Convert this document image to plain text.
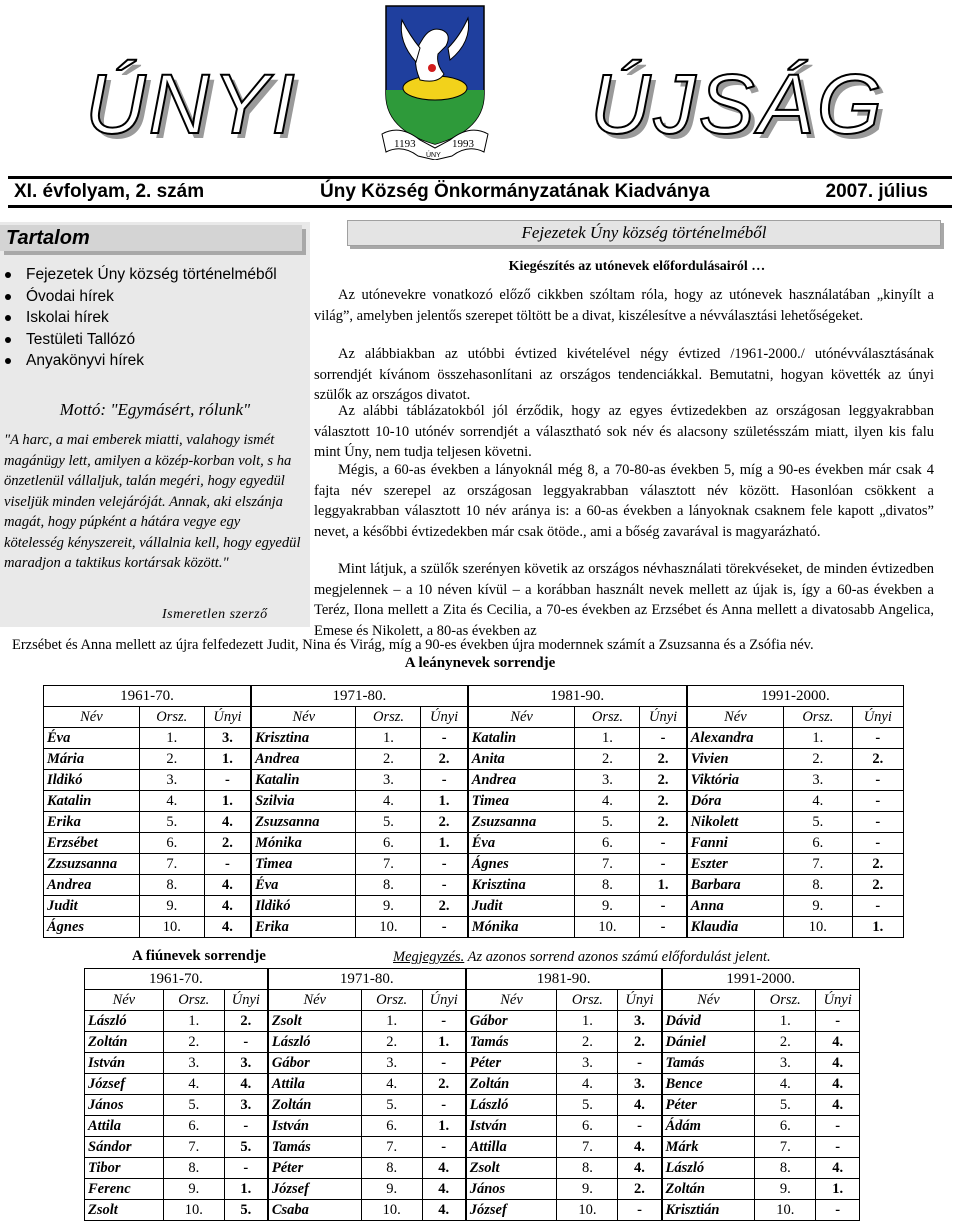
ÚNYI	ÚJSÁG
1193	1993
ÚNY
XI. évfolyam, 2. szám	Úny Község Önkormányzatának Kiadványa	2007. július
Tartalom
Fejezetek Úny község történelméből
Óvodai hírek
Iskolai hírek
Testületi Tallózó
Anyakönyvi hírek
Mottó: "Egymásért, rólunk"
"A harc, a mai emberek miatti, valahogy ismét magánügy lett, amilyen a közép-korban volt, s ha önzetlenül vállaljuk, talán megéri, hogy egyedül viseljük minden velejáróját. Annak, aki elszánja magát, hogy púpként a hátára vegye egy kötelesség kényszereit, vállalnia kell, hogy egyedül maradjon a taktikus kortársak között."
Ismeretlen szerző
Fejezetek Úny község történelméből
Kiegészítés az utónevek előfordulásairól …

Az utónevekre vonatkozó előző cikkben szóltam róla, hogy az utónevek használatában „kinyílt a világ”, amelyben jelentős szerepet töltött be a divat, kiszélesítve a névválasztási lehetőségeket.

Az alábbiakban az utóbbi évtized kivételével négy évtized /1961-2000./ utónévválasztásának sorrendjét kívánom összehasonlítani az országos tendenciákkal. Bemutatni, hogyan követték az únyi szülők az országos divatot.

Az alábbi táblázatokból jól érződik, hogy az egyes évtizedekben az országosan leggyakrabban választott 10-10 utónév sorrendjét a választható sok név és alacsony születésszám miatt, ilyen kis falu mint Úny, nem tudja teljesen követni.

Mégis, a 60-as években a lányoknál még 8, a 70-80-as években 5, míg a 90-es években már csak 4 fajta név szerepel az országosan leggyakrabban választott név között. Hasonlóan csökkent a leggyakrabban választott 10 név aránya is: a 60-as években a lányoknak csaknem fele kapott „divatos” nevet, a későbbi évtizedekben már csak ötöde., ami a bőség zavarával is magyarázható.

Mint látjuk, a szülők szerényen követik az országos névhasználati törekvéseket, de minden évtizedben megjelennek – a 10 néven kívül – a korábban használt nevek mellett az újak is, így a 60-as években a Teréz, Ilona mellett a Zita és Cecilia, a 70-es években az Erzsébet és Anna mellett a divatosabb Angelica, Emese és Nikolett, a 80-as években az

Erzsébet és Anna mellett az újra felfedezett Judit, Nina és Virág, míg a 90-es években újra modernnek számít a Zsuzsanna és a Zsófia név.

A leánynevek sorrendje
1961-70.			1971-80.			1981-90.			1991-2000.		
Név	Orsz.	Únyi	Név	Orsz.	Únyi	Név	Orsz.	Únyi	Név	Orsz.	Únyi
Éva	1.	3.	Krisztina	1.	-	Katalin	1.	-	Alexandra	1.	-
Mária	2.	1.	Andrea	2.	2.	Anita	2.	2.	Vivien	2.	2.
Ildikó	3.	-	Katalin	3.	-	Andrea	3.	2.	Viktória	3.	-
Katalin	4.	1.	Szilvia	4.	1.	Timea	4.	2.	Dóra	4.	-
Erika	5.	4.	Zsuzsanna	5.	2.	Zsuzsanna	5.	2.	Nikolett	5.	-
Erzsébet	6.	2.	Mónika	6.	1.	Éva	6.	-	Fanni	6.	-
Zzsuzsanna	7.	-	Timea	7.	-	Ágnes	7.	-	Eszter	7.	2.
Andrea	8.	4.	Éva	8.	-	Krisztina	8.	1.	Barbara	8.	2.
Judit	9.	4.	Ildikó	9.	2.	Judit	9.	-	Anna	9.	-
Ágnes	10.	4.	Erika	10.	-	Mónika	10.	-	Klaudia	10.	1.
A fiúnevek sorrendje	Megjegyzés. Az azonos sorrend azonos számú előfordulást jelent.
1961-70.			1971-80.			1981-90.			1991-2000.		
Név	Orsz.	Únyi	Név	Orsz.	Únyi	Név	Orsz.	Únyi	Név	Orsz.	Únyi
László	1.	2.	Zsolt	1.	-	Gábor	1.	3.	Dávid	1.	-
Zoltán	2.	-	László	2.	1.	Tamás	2.	2.	Dániel	2.	4.
István	3.	3.	Gábor	3.	-	Péter	3.	-	Tamás	3.	4.
József	4.	4.	Attila	4.	2.	Zoltán	4.	3.	Bence	4.	4.
János	5.	3.	Zoltán	5.	-	László	5.	4.	Péter	5.	4.
Attila	6.	-	István	6.	1.	István	6.	-	Ádám	6.	-
Sándor	7.	5.	Tamás	7.	-	Attilla	7.	4.	Márk	7.	-
Tibor	8.	-	Péter	8.	4.	Zsolt	8.	4.	László	8.	4.
Ferenc	9.	1.	József	9.	4.	János	9.	2.	Zoltán	9.	1.
Zsolt	10.	5.	Csaba	10.	4.	József	10.	-	Krisztián	10.	-
